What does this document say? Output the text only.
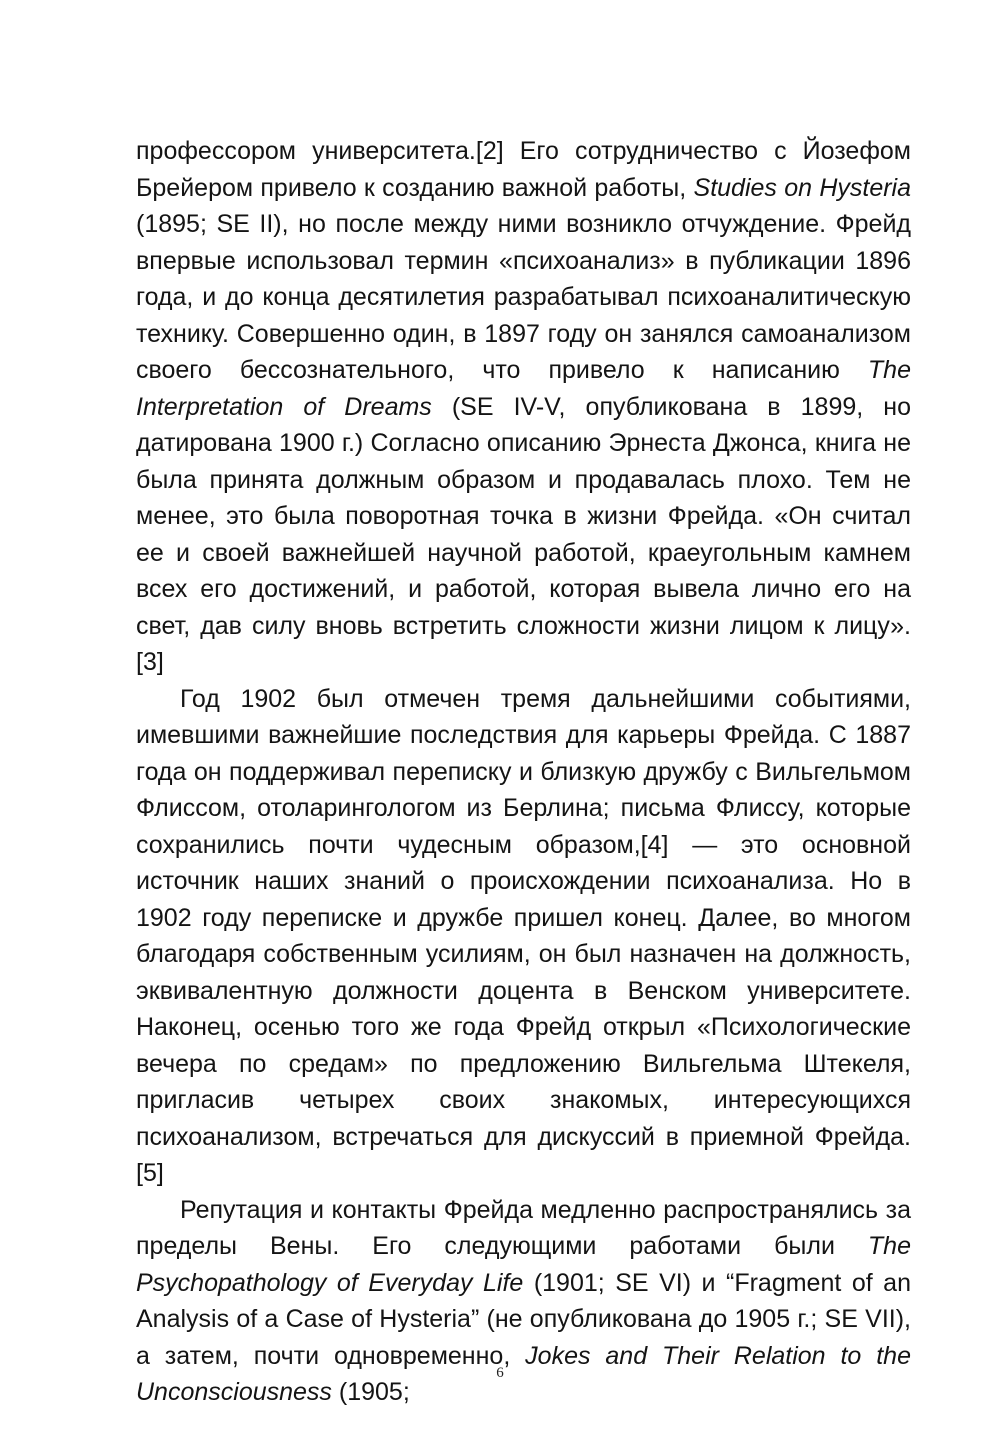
профессором университета.[2] Его сотрудничество с Йозефом Брейером привело к созданию важной работы, Studies on Hysteria (1895; SE II), но после между ними возникло отчуждение. Фрейд впервые использовал термин «психоанализ» в публикации 1896 года, и до конца десятилетия разрабатывал психоаналитическую технику. Совершенно один, в 1897 году он занялся самоанализом своего бессознательного, что привело к написанию The Interpretation of Dreams (SE IV-V, опубликована в 1899, но датирована 1900 г.) Согласно описанию Эрнеста Джонса, книга не была принята должным образом и продавалась плохо. Тем не менее, это была поворотная точка в жизни Фрейда. «Он считал ее и своей важнейшей научной работой, краеугольным камнем всех его достижений, и работой, которая вывела лично его на свет, дав силу вновь встретить сложности жизни лицом к лицу».[3]

Год 1902 был отмечен тремя дальнейшими событиями, имевшими важнейшие последствия для карьеры Фрейда. С 1887 года он поддерживал переписку и близкую дружбу с Вильгельмом Флиссом, отоларингологом из Берлина; письма Флиссу, которые сохранились почти чудесным образом,[4] — это основной источник наших знаний о происхождении психоанализа. Но в 1902 году переписке и дружбе пришел конец. Далее, во многом благодаря собственным усилиям, он был назначен на должность, эквивалентную должности доцента в Венском университете. Наконец, осенью того же года Фрейд открыл «Психологические вечера по средам» по предложению Вильгельма Штекеля, пригласив четырех своих знакомых, интересующихся психоанализом, встречаться для дискуссий в приемной Фрейда.[5]

Репутация и контакты Фрейда медленно распространялись за пределы Вены. Его следующими работами были The Psychopathology of Everyday Life (1901; SE VI) и “Fragment of an Analysis of a Case of Hysteria” (не опубликована до 1905 г.; SE VII), а затем, почти одновременно, Jokes and Their Relation to the Unconsciousness (1905;

6
